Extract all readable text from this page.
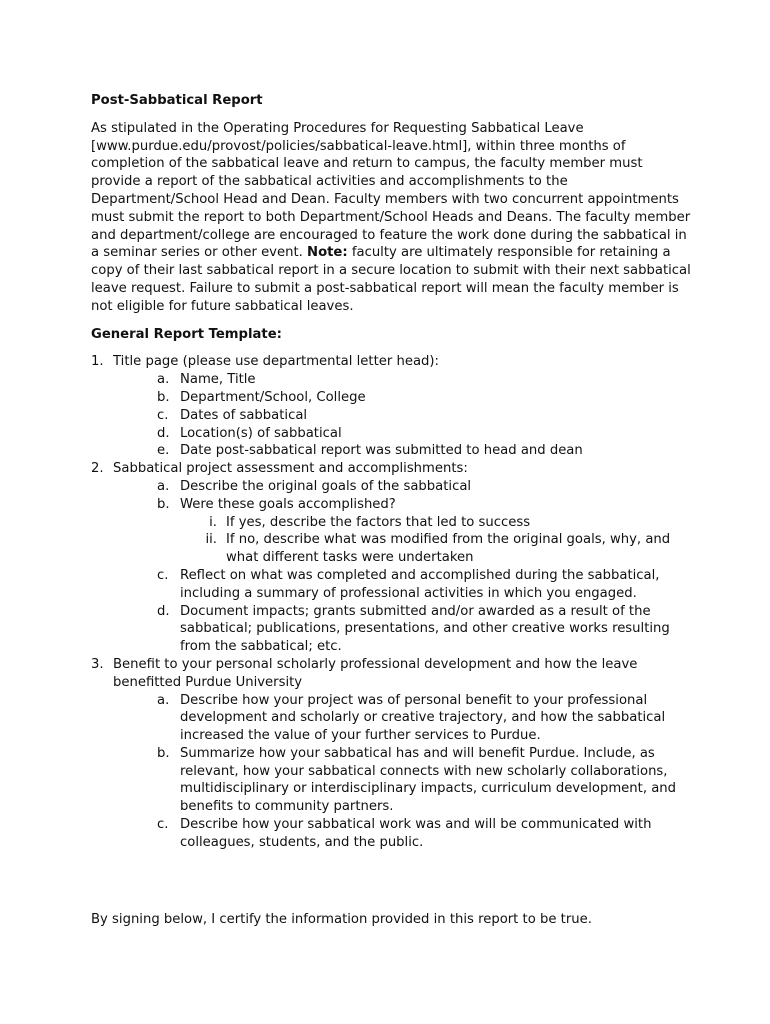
Post-Sabbatical Report

As stipulated in the Operating Procedures for Requesting Sabbatical Leave [www.purdue.edu/provost/policies/sabbatical-leave.html], within three months of completion of the sabbatical leave and return to campus, the faculty member must provide a report of the sabbatical activities and accomplishments to the Department/School Head and Dean. Faculty members with two concurrent appointments must submit the report to both Department/School Heads and Deans. The faculty member and department/college are encouraged to feature the work done during the sabbatical in a seminar series or other event. Note: faculty are ultimately responsible for retaining a copy of their last sabbatical report in a secure location to submit with their next sabbatical leave request. Failure to submit a post-sabbatical report will mean the faculty member is not eligible for future sabbatical leaves.

General Report Template:
1. Title page (please use departmental letter head):
a. Name, Title
b. Department/School, College
c. Dates of sabbatical
d. Location(s) of sabbatical
e. Date post-sabbatical report was submitted to head and dean
2. Sabbatical project assessment and accomplishments:
a. Describe the original goals of the sabbatical
b. Were these goals accomplished?
i. If yes, describe the factors that led to success
ii. If no, describe what was modified from the original goals, why, and what different tasks were undertaken
c. Reflect on what was completed and accomplished during the sabbatical, including a summary of professional activities in which you engaged.
d. Document impacts; grants submitted and/or awarded as a result of the sabbatical; publications, presentations, and other creative works resulting from the sabbatical; etc.
3. Benefit to your personal scholarly professional development and how the leave benefitted Purdue University
a. Describe how your project was of personal benefit to your professional development and scholarly or creative trajectory, and how the sabbatical increased the value of your further services to Purdue.
b. Summarize how your sabbatical has and will benefit Purdue. Include, as relevant, how your sabbatical connects with new scholarly collaborations, multidisciplinary or interdisciplinary impacts, curriculum development, and benefits to community partners.
c. Describe how your sabbatical work was and will be communicated with colleagues, students, and the public.

By signing below, I certify the information provided in this report to be true.
